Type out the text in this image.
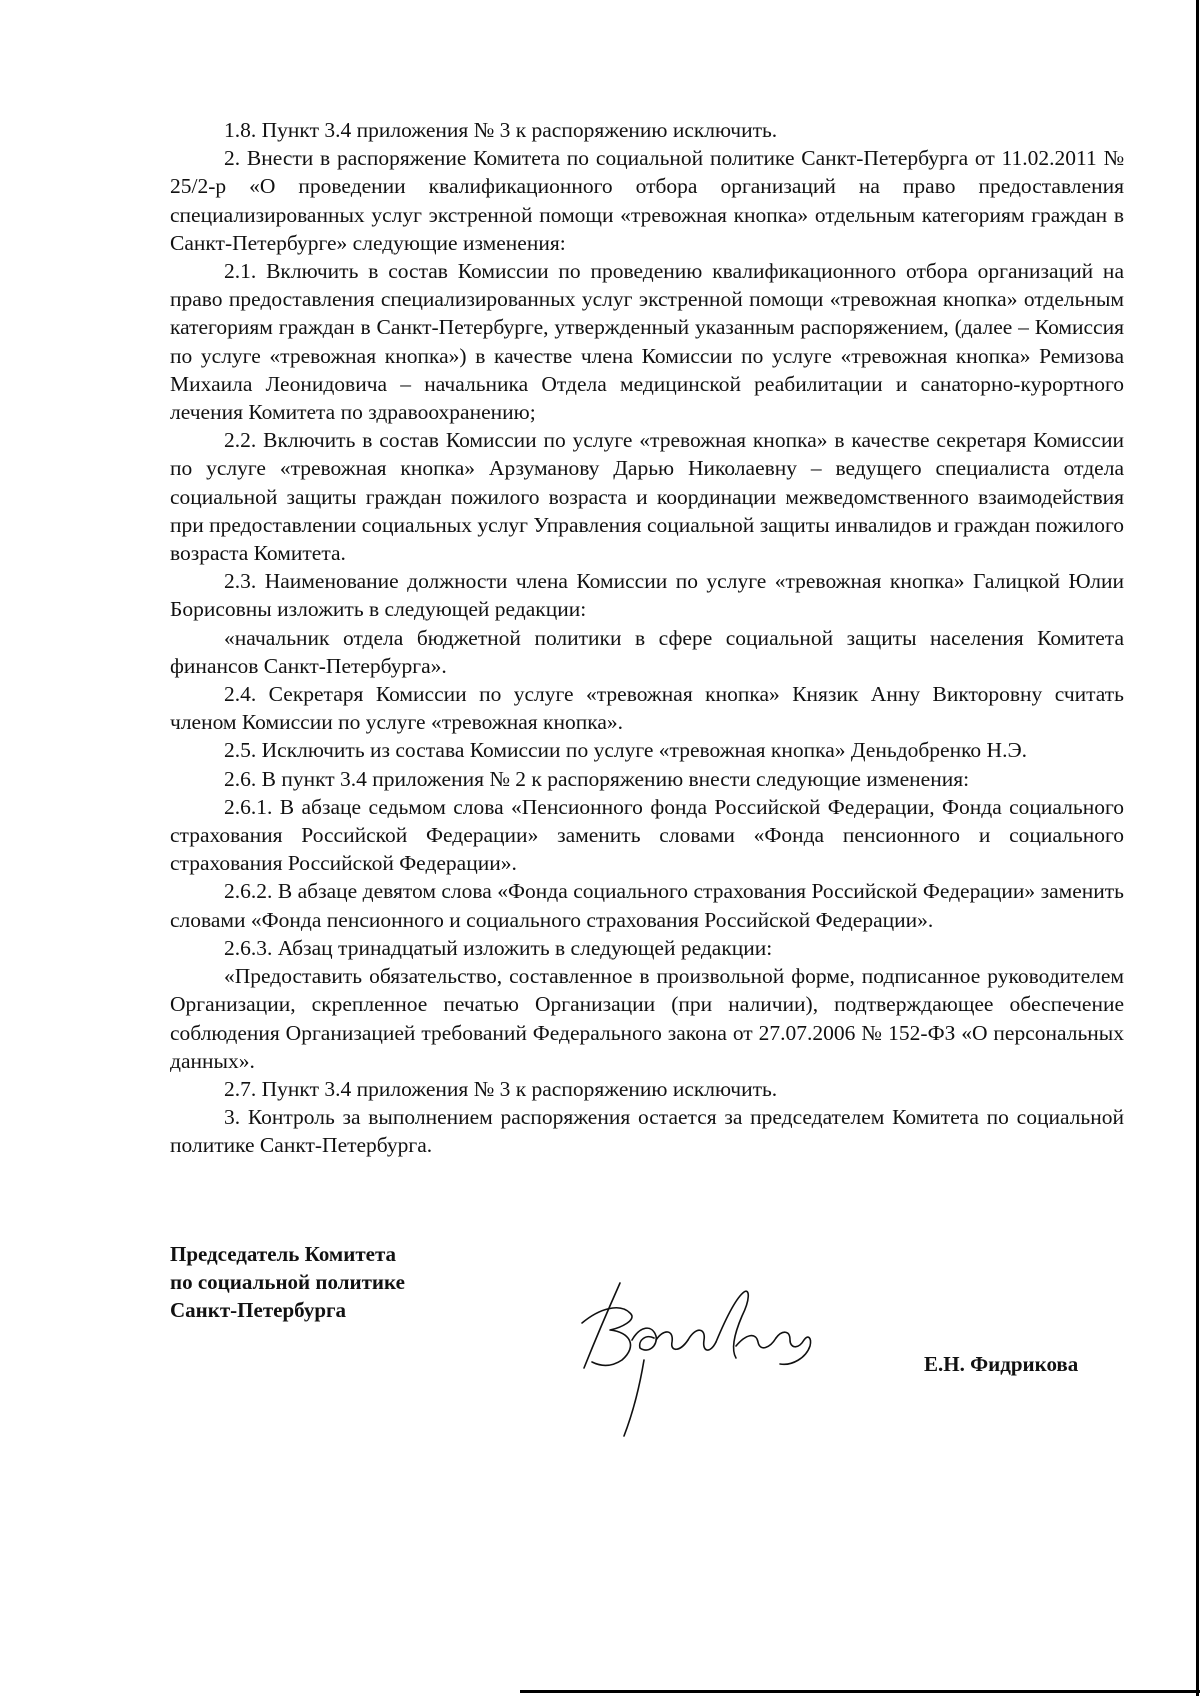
1.8. Пункт 3.4 приложения № 3 к распоряжению исключить.

2. Внести в распоряжение Комитета по социальной политике Санкт-Петербурга от 11.02.2011 № 25/2-р «О проведении квалификационного отбора организаций на право предоставления специализированных услуг экстренной помощи «тревожная кнопка» отдельным категориям граждан в Санкт-Петербурге» следующие изменения:

2.1. Включить в состав Комиссии по проведению квалификационного отбора организаций на право предоставления специализированных услуг экстренной помощи «тревожная кнопка» отдельным категориям граждан в Санкт-Петербурге, утвержденный указанным распоряжением, (далее – Комиссия по услуге «тревожная кнопка») в качестве члена Комиссии по услуге «тревожная кнопка» Ремизова Михаила Леонидовича – начальника Отдела медицинской реабилитации и санаторно-курортного лечения Комитета по здравоохранению;

2.2. Включить в состав Комиссии по услуге «тревожная кнопка» в качестве секретаря Комиссии по услуге «тревожная кнопка» Арзуманову Дарью Николаевну – ведущего специалиста отдела социальной защиты граждан пожилого возраста и координации межведомственного взаимодействия при предоставлении социальных услуг Управления социальной защиты инвалидов и граждан пожилого возраста Комитета.

2.3. Наименование должности члена Комиссии по услуге «тревожная кнопка» Галицкой Юлии Борисовны изложить в следующей редакции:

«начальник отдела бюджетной политики в сфере социальной защиты населения Комитета финансов Санкт-Петербурга».

2.4. Секретаря Комиссии по услуге «тревожная кнопка» Князик Анну Викторовну считать членом Комиссии по услуге «тревожная кнопка».

2.5. Исключить из состава Комиссии по услуге «тревожная кнопка» Деньдобренко Н.Э.

2.6. В пункт 3.4 приложения № 2 к распоряжению внести следующие изменения:

2.6.1. В абзаце седьмом слова «Пенсионного фонда Российской Федерации, Фонда социального страхования Российской Федерации» заменить словами «Фонда пенсионного и социального страхования Российской Федерации».

2.6.2. В абзаце девятом слова «Фонда социального страхования Российской Федерации» заменить словами «Фонда пенсионного и социального страхования Российской Федерации».

2.6.3. Абзац тринадцатый изложить в следующей редакции:

«Предоставить обязательство, составленное в произвольной форме, подписанное руководителем Организации, скрепленное печатью Организации (при наличии), подтверждающее обеспечение соблюдения Организацией требований Федерального закона от 27.07.2006 № 152-ФЗ «О персональных данных».

2.7. Пункт 3.4 приложения № 3 к распоряжению исключить.

3. Контроль за выполнением распоряжения остается за председателем Комитета по социальной политике Санкт-Петербурга.

Председатель Комитета
по социальной политике
Санкт-Петербурга
Е.Н. Фидрикова
